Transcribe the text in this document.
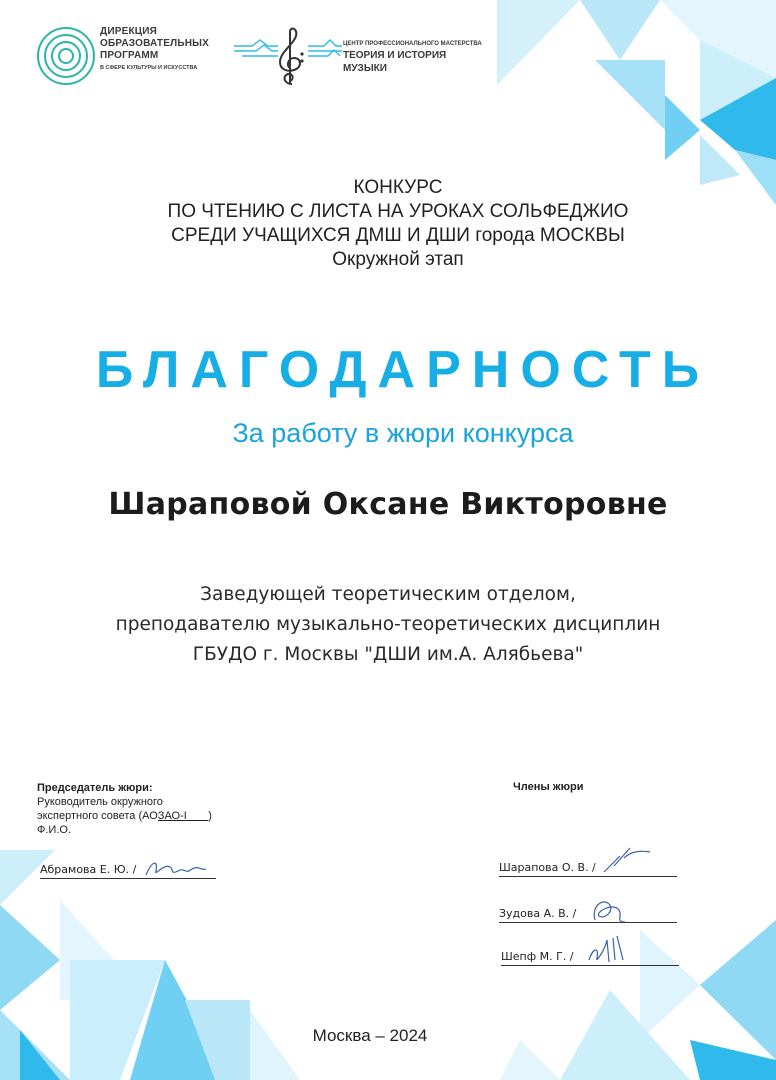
ДИРЕКЦИЯ
ОБРАЗОВАТЕЛЬНЫХ
ПРОГРАММ
В СФЕРЕ КУЛЬТУРЫ И ИСКУССТВА
ЦЕНТР ПРОФЕССИОНАЛЬНОГО МАСТЕРСТВА
ТЕОРИЯ И ИСТОРИЯ
МУЗЫКИ
КОНКУРС
ПО ЧТЕНИЮ С ЛИСТА НА УРОКАХ СОЛЬФЕДЖИО
СРЕДИ УЧАЩИХСЯ ДМШ И ДШИ города МОСКВЫ
Окружной этап
БЛАГОДАРНОСТЬ
За работу в жюри конкурса
Шараповой Оксане Викторовне
Заведующей теоретическим отделом,
преподавателю музыкально-теоретических дисциплин
ГБУДО г. Москвы "ДШИ им.А. Алябьева"
Председатель жюри:
Руководитель окружного
экспертного совета (АОЗАО-I )
Ф.И.О.
Члены жюри
Абрамова Е. Ю. /	Шарапова О. В. /
Зудова А. В. /
Шепф М. Г. /
Москва – 2024
